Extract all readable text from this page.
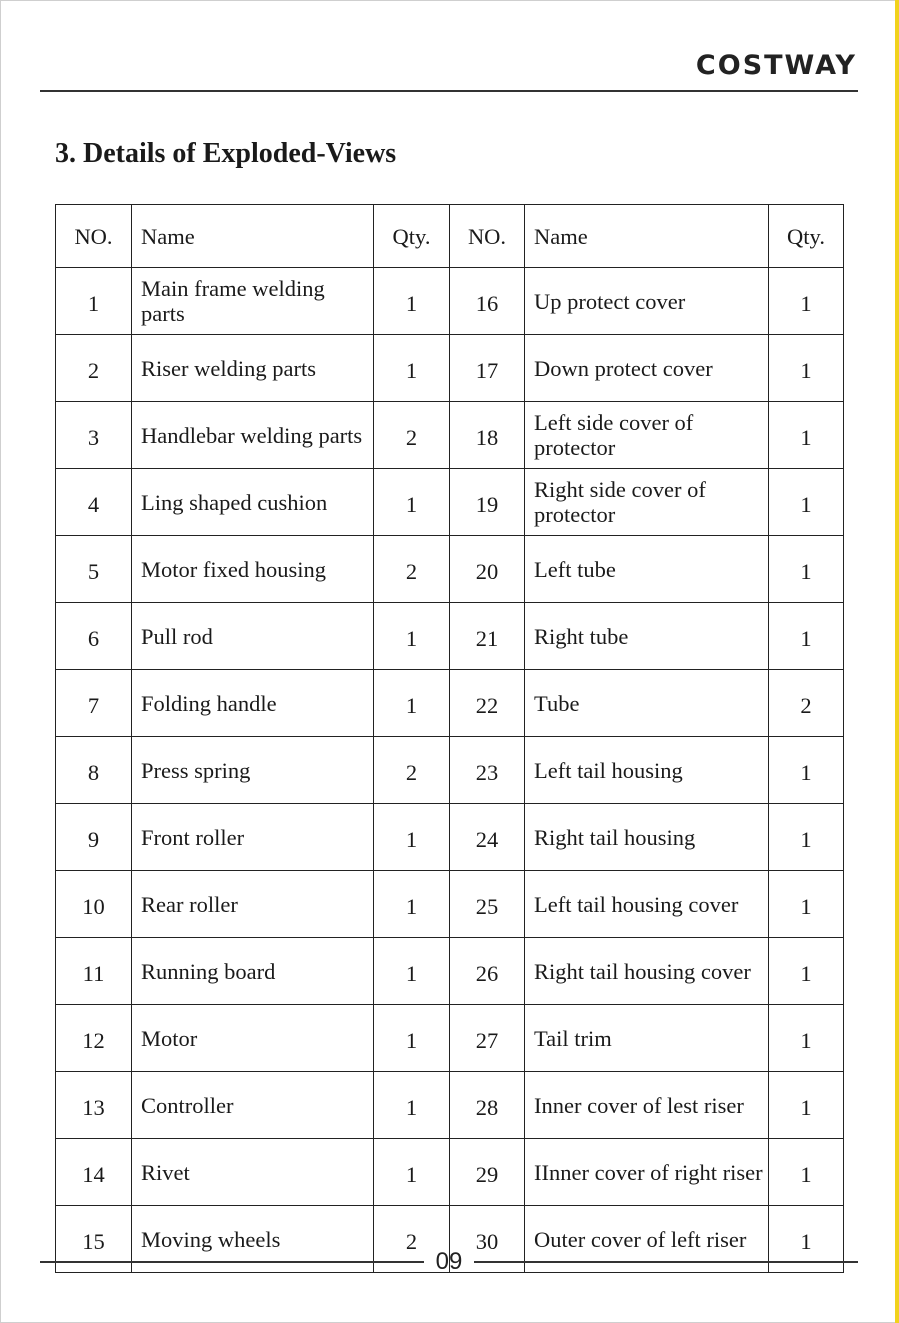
COSTWAY
3. Details of Exploded-Views
NO.	Name	Qty.	NO.	Name	Qty.
1	Main frame welding parts	1	16	Up protect cover	1
2	Riser welding parts	1	17	Down protect cover	1
3	Handlebar welding parts	2	18	Left side cover of protector	1
4	Ling shaped cushion	1	19	Right side cover of protector	1
5	Motor fixed housing	2	20	Left tube	1
6	Pull rod	1	21	Right tube	1
7	Folding handle	1	22	Tube	2
8	Press spring	2	23	Left tail housing	1
9	Front roller	1	24	Right tail housing	1
10	Rear roller	1	25	Left tail housing cover	1
11	Running board	1	26	Right tail housing cover	1
12	Motor	1	27	Tail trim	1
13	Controller	1	28	Inner cover of lest riser	1
14	Rivet	1	29	IInner cover of right riser	1
15	Moving wheels	2	30	Outer cover of left riser	1
09
